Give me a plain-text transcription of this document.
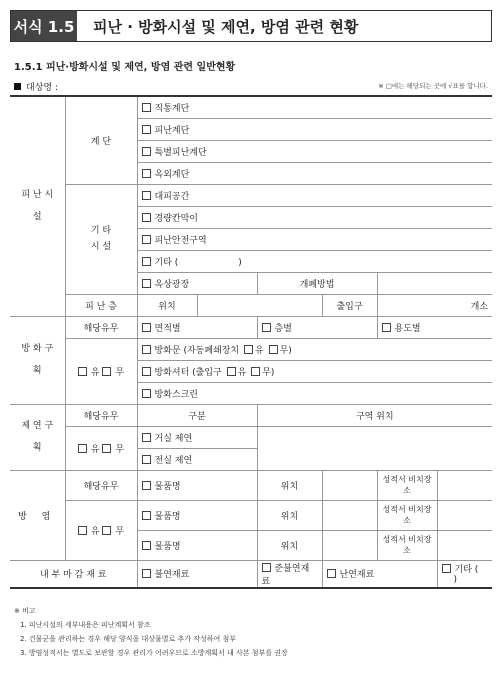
서식 1.5 피난 · 방화시설 및 제연, 방염 관련 현황
1.5.1 피난·방화시설 및 제연, 방염 관련 일반현황
대상명 :	※ □에는 해당되는 곳에 √표를 합니다.
피 난 시 설	계 단	직통계단					
		피난계단					
		특별피난계단					
		옥외계단					
	기 타 시 설	대피공간					
		경량칸막이					
		피난안전구역					
		기타 ( )					
		옥상광장		개폐방법			
	피 난 층	위치			출입구	개소	
방 화 구 획	해당유무	면적별		층별		용도별	
	유 무	방화문 (자동폐쇄장치 유 무)					
		방화셔터 (출입구 유 무)					
		방화스크린					
제 연 구 획	해당유무	구분		구역 위치			
	유 무	거실 제연					
		전실 제연					
방 염	해당유무	물품명		위치		성적서 비치장소	
	유 무	물품명		위치		성적서 비치장소	
		물품명		위치		성적서 비치장소	
내 부 마 감 재 료		불연재료		준불연재료	난연재료		기타 ()
※ 비고
1. 피난시설의 세부내용은 피난계획서 참조
2. 건물군을 관리하는 경우 해당 양식을 대상물별로 추가 작성하여 첨부
3. 방염성적서는 별도로 보관할 경우 관리가 어려우므로 소방계획서 내 사본 첨부를 권장
